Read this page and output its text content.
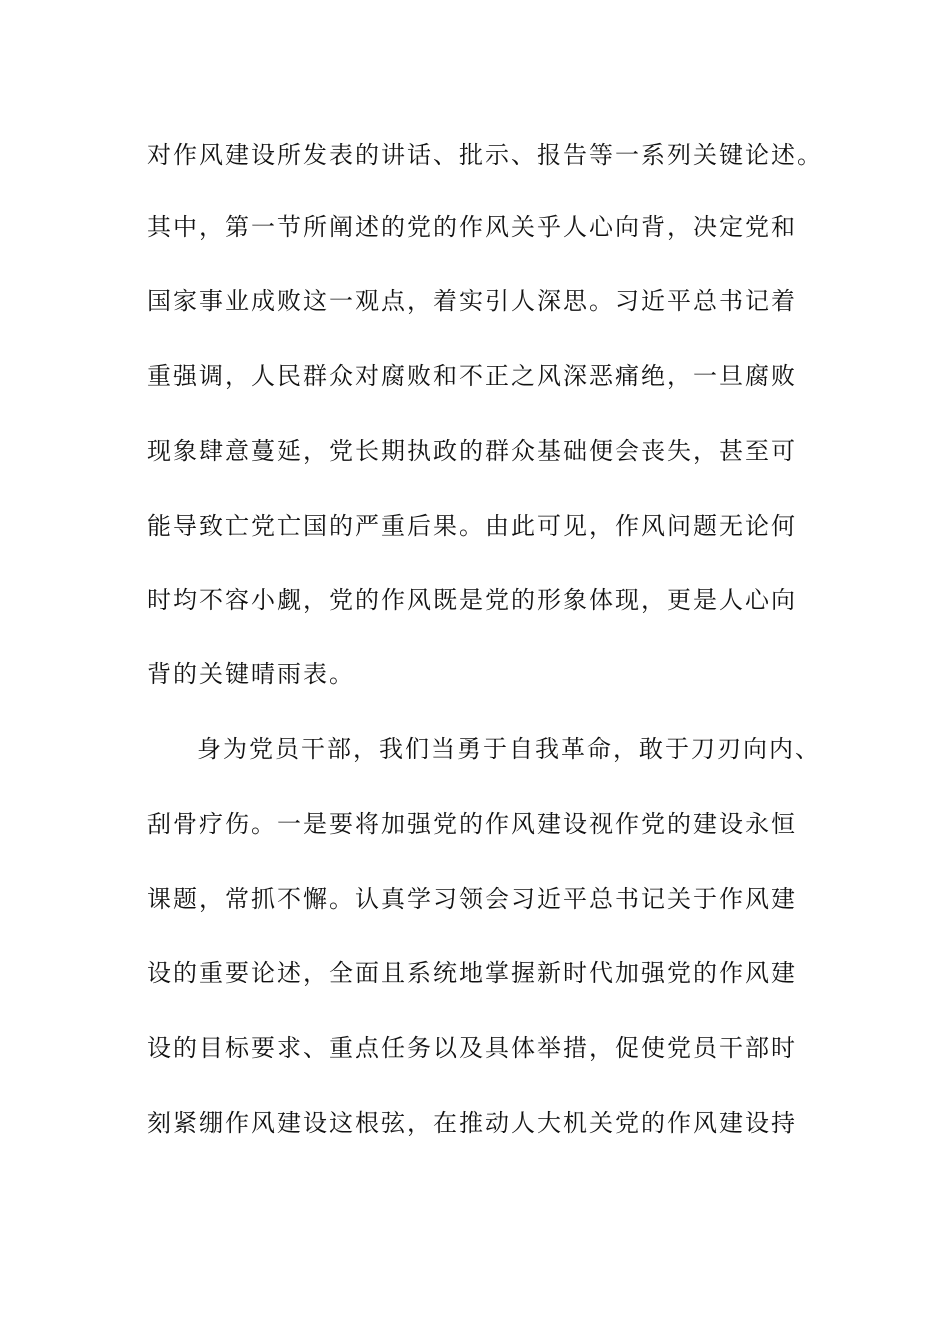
对作风建设所发表的讲话、批示、报告等一系列关键论述。
其中，第一节所阐述的党的作风关乎人心向背，决定党和
国家事业成败这一观点，着实引人深思。习近平总书记着
重强调，人民群众对腐败和不正之风深恶痛绝，一旦腐败
现象肆意蔓延，党长期执政的群众基础便会丧失，甚至可
能导致亡党亡国的严重后果。由此可见，作风问题无论何
时均不容小觑，党的作风既是党的形象体现，更是人心向
背的关键晴雨表。
身为党员干部，我们当勇于自我革命，敢于刀刃向内、
刮骨疗伤。一是要将加强党的作风建设视作党的建设永恒
课题，常抓不懈。认真学习领会习近平总书记关于作风建
设的重要论述，全面且系统地掌握新时代加强党的作风建
设的目标要求、重点任务以及具体举措，促使党员干部时
刻紧绷作风建设这根弦，在推动人大机关党的作风建设持
